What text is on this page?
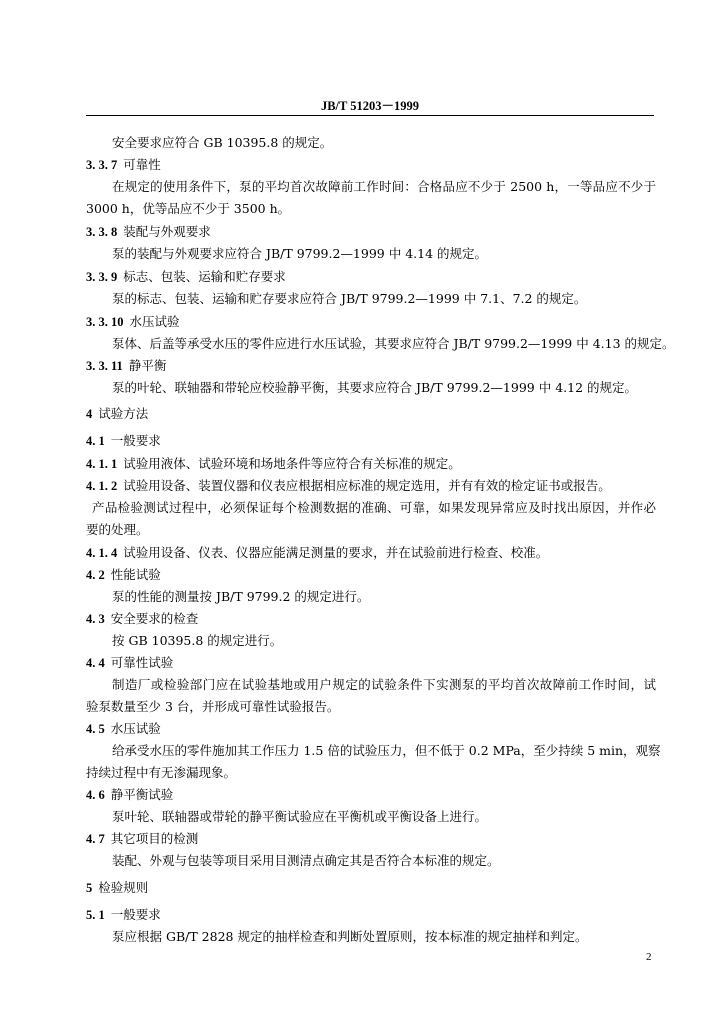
JB/T 51203－1999
安全要求应符合 GB 10395.8 的规定。
3. 3. 7 可靠性
在规定的使用条件下，泵的平均首次故障前工作时间：合格品应不少于 2500 h，一等品应不少于
3000 h，优等品应不少于 3500 h。
3. 3. 8 装配与外观要求
泵的装配与外观要求应符合 JB/T 9799.2—1999 中 4.14 的规定。
3. 3. 9 标志、包装、运输和贮存要求
泵的标志、包装、运输和贮存要求应符合 JB/T 9799.2—1999 中 7.1、7.2 的规定。
3. 3. 10 水压试验
泵体、后盖等承受水压的零件应进行水压试验，其要求应符合 JB/T 9799.2—1999 中 4.13 的规定。
3. 3. 11 静平衡
泵的叶轮、联轴器和带轮应校验静平衡，其要求应符合 JB/T 9799.2—1999 中 4.12 的规定。
4 试验方法
4. 1 一般要求
4. 1. 1 试验用液体、试验环境和场地条件等应符合有关标准的规定。
4. 1. 2 试验用设备、装置仪器和仪表应根据相应标准的规定选用，并有有效的检定证书或报告。
产品检验测试过程中，必须保证每个检测数据的准确、可靠，如果发现异常应及时找出原因，并作必
要的处理。
4. 1. 4 试验用设备、仪表、仪器应能满足测量的要求，并在试验前进行检查、校准。
4. 2 性能试验
泵的性能的测量按 JB/T 9799.2 的规定进行。
4. 3 安全要求的检查
按 GB 10395.8 的规定进行。
4. 4 可靠性试验
制造厂或检验部门应在试验基地或用户规定的试验条件下实测泵的平均首次故障前工作时间，试
验泵数量至少 3 台，并形成可靠性试验报告。
4. 5 水压试验
给承受水压的零件施加其工作压力 1.5 倍的试验压力，但不低于 0.2 MPa，至少持续 5 min，观察
持续过程中有无渗漏现象。
4. 6 静平衡试验
泵叶轮、联轴器或带轮的静平衡试验应在平衡机或平衡设备上进行。
4. 7 其它项目的检测
装配、外观与包装等项目采用目测清点确定其是否符合本标准的规定。
5 检验规则
5. 1 一般要求
泵应根据 GB/T 2828 规定的抽样检查和判断处置原则，按本标准的规定抽样和判定。
2
